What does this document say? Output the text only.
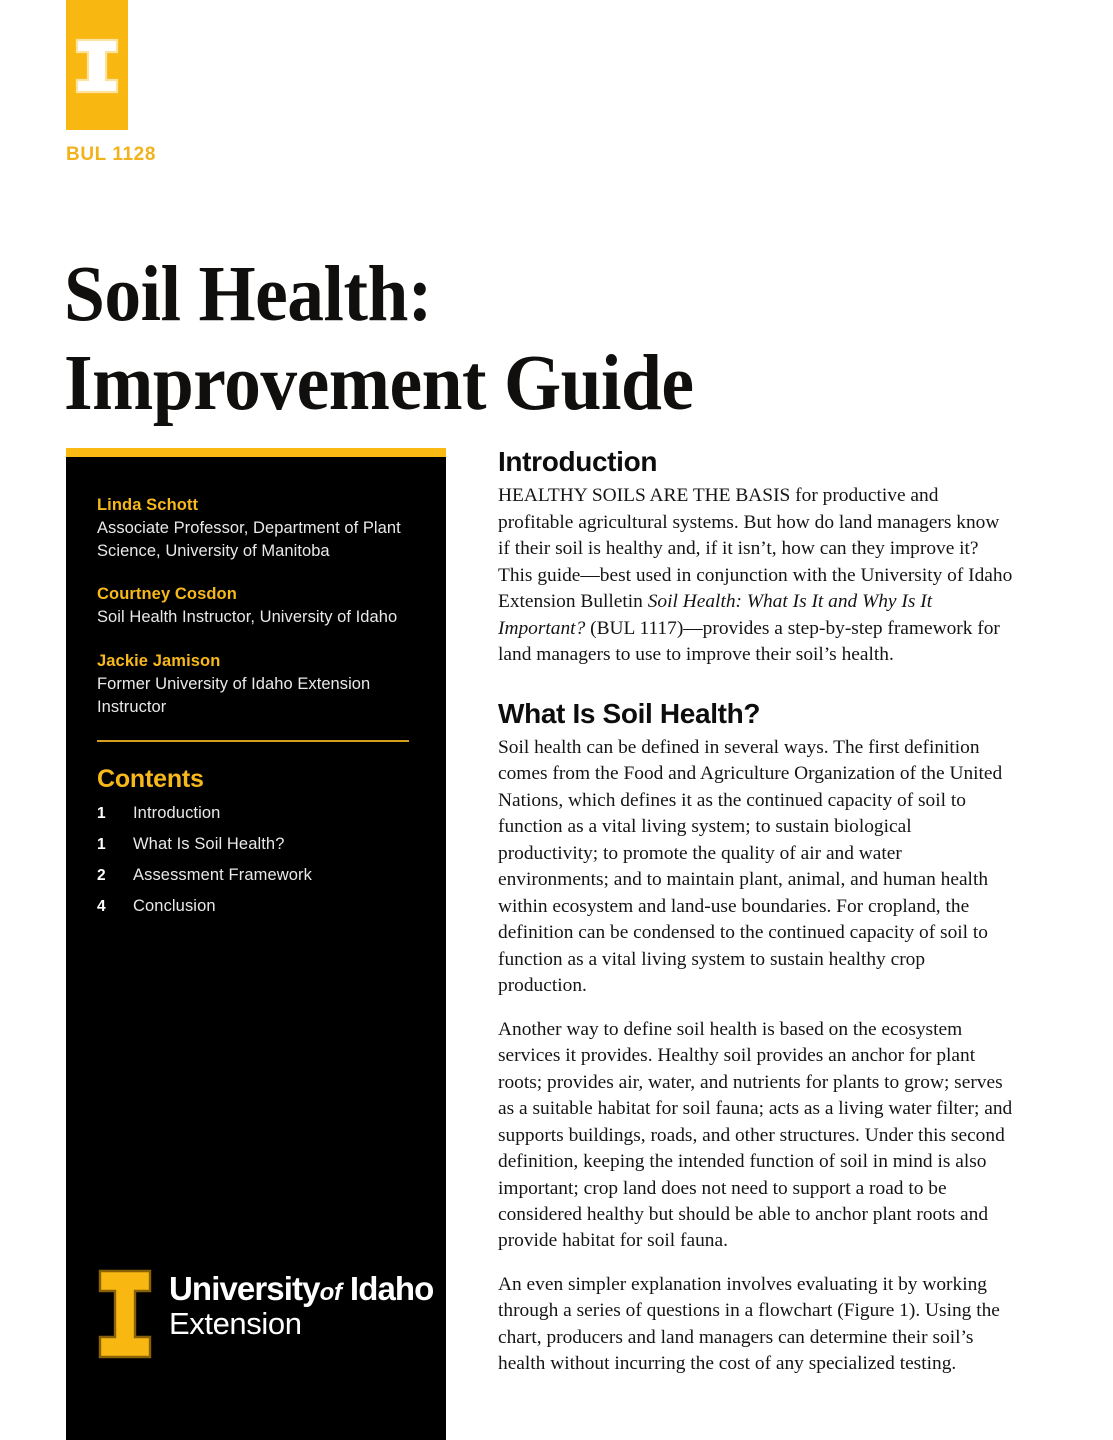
BUL 1128
Soil Health:
Improvement Guide
Linda Schott
Associate Professor, Department of Plant Science, University of Manitoba
Courtney Cosdon
Soil Health Instructor, University of Idaho
Jackie Jamison
Former University of Idaho Extension Instructor
Contents
1	Introduction
1	What Is Soil Health?
2	Assessment Framework
4	Conclusion
Universityof Idaho
Extension
Introduction

HEALTHY SOILS ARE THE BASIS for productive and profitable agricultural systems. But how do land managers know if their soil is healthy and, if it isn’t, how can they improve it? This guide—best used in conjunction with the University of Idaho Extension Bulletin Soil Health: What Is It and Why Is It Important? (BUL 1117)—provides a step-by-step framework for land managers to use to improve their soil’s health.

What Is Soil Health?

Soil health can be defined in several ways. The first definition comes from the Food and Agriculture Organization of the United Nations, which defines it as the continued capacity of soil to function as a vital living system; to sustain biological productivity; to promote the quality of air and water environments; and to maintain plant, animal, and human health within ecosystem and land-use boundaries. For cropland, the definition can be condensed to the continued capacity of soil to function as a vital living system to sustain healthy crop production.

Another way to define soil health is based on the ecosystem services it provides. Healthy soil provides an anchor for plant roots; provides air, water, and nutrients for plants to grow; serves as a suitable habitat for soil fauna; acts as a living water filter; and supports buildings, roads, and other structures. Under this second definition, keeping the intended function of soil in mind is also important; crop land does not need to support a road to be considered healthy but should be able to anchor plant roots and provide habitat for soil fauna.

An even simpler explanation involves evaluating it by working through a series of questions in a flowchart (Figure 1). Using the chart, producers and land managers can determine their soil’s health without incurring the cost of any specialized testing.
